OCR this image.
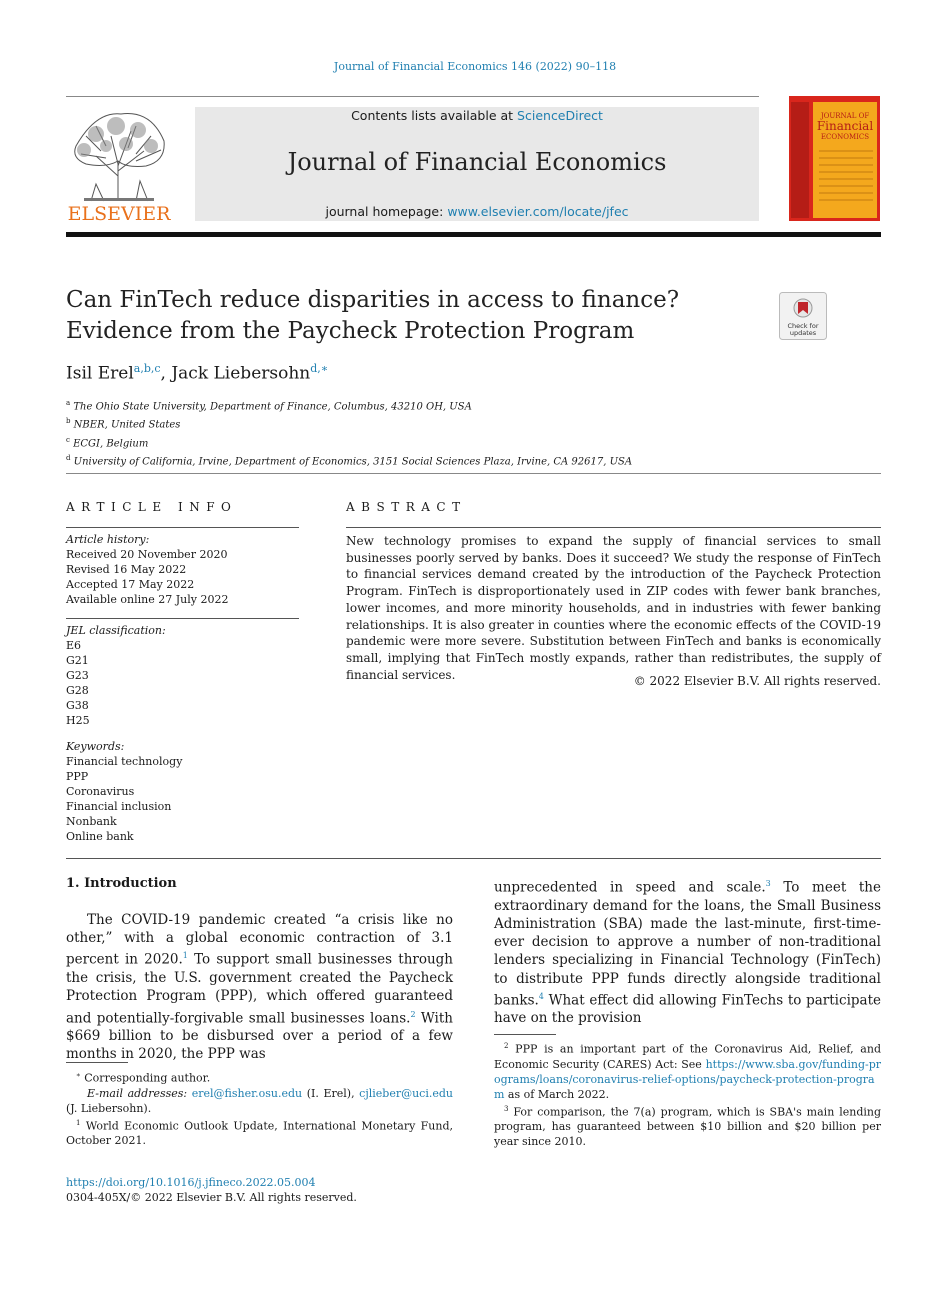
Journal of Financial Economics 146 (2022) 90–118
ELSEVIER
Contents lists available at ScienceDirect
Journal of Financial Economics
journal homepage: www.elsevier.com/locate/jfec
JOURNAL OF
Financial
ECONOMICS
Can FinTech reduce disparities in access to finance? Evidence from the Paycheck Protection Program	Check for
updates
Isil Erel$^{a,b,c}$, Jack Liebersohn$^{d,∗}$
$^a$ The Ohio State University, Department of Finance, Columbus, 43210 OH, USA
$^b$ NBER, United States
$^c$ ECGI, Belgium
$^d$ University of California, Irvine, Department of Economics, 3151 Social Sciences Plaza, Irvine, CA 92617, USA
ARTICLE INFO
Article history:
Received 20 November 2020
Revised 16 May 2022
Accepted 17 May 2022
Available online 27 July 2022
JEL classification:
E6
G21
G23
G28
G38
H25
Keywords:
Financial technology
PPP
Coronavirus
Financial inclusion
Nonbank
Online bank
ABSTRACT
New technology promises to expand the supply of financial services to small businesses poorly served by banks. Does it succeed? We study the response of FinTech to financial services demand created by the introduction of the Paycheck Protection Program. FinTech is disproportionately used in ZIP codes with fewer bank branches, lower incomes, and more minority households, and in industries with fewer banking relationships. It is also greater in counties where the economic effects of the COVID-19 pandemic were more severe. Substitution between FinTech and banks is economically small, implying that FinTech mostly expands, rather than redistributes, the supply of financial services.	© 2022 Elsevier B.V. All rights reserved.
1. Introduction
The COVID-19 pandemic created “a crisis like no other,” with a global economic contraction of 3.1 percent in 2020.$^1$ To support small businesses through the crisis, the U.S. government created the Paycheck Protection Program (PPP), which offered guaranteed and potentially-forgivable small businesses loans.$^2$ With $669 billion to be disbursed over a period of a few months in 2020, the PPP was
unprecedented in speed and scale.$^3$ To meet the extraordinary demand for the loans, the Small Business Administration (SBA) made the last-minute, first-time-ever decision to approve a number of non-traditional lenders specializing in Financial Technology (FinTech) to distribute PPP funds directly alongside traditional banks.$^4$ What effect did allowing FinTechs to participate have on the provision
∗ Corresponding author.
E-mail addresses: erel@fisher.osu.edu (I. Erel), cjlieber@uci.edu (J. Liebersohn).
$^1$ World Economic Outlook Update, International Monetary Fund, October 2021.
$^2$ PPP is an important part of the Coronavirus Aid, Relief, and Economic Security (CARES) Act: See https://www.sba.gov/funding-programs/loans/coronavirus-relief-options/paycheck-protection-program as of March 2022.
$^3$ For comparison, the 7(a) program, which is SBA's main lending program, has guaranteed between $10 billion and $20 billion per year since 2010.
https://doi.org/10.1016/j.jfineco.2022.05.004
0304-405X/© 2022 Elsevier B.V. All rights reserved.
